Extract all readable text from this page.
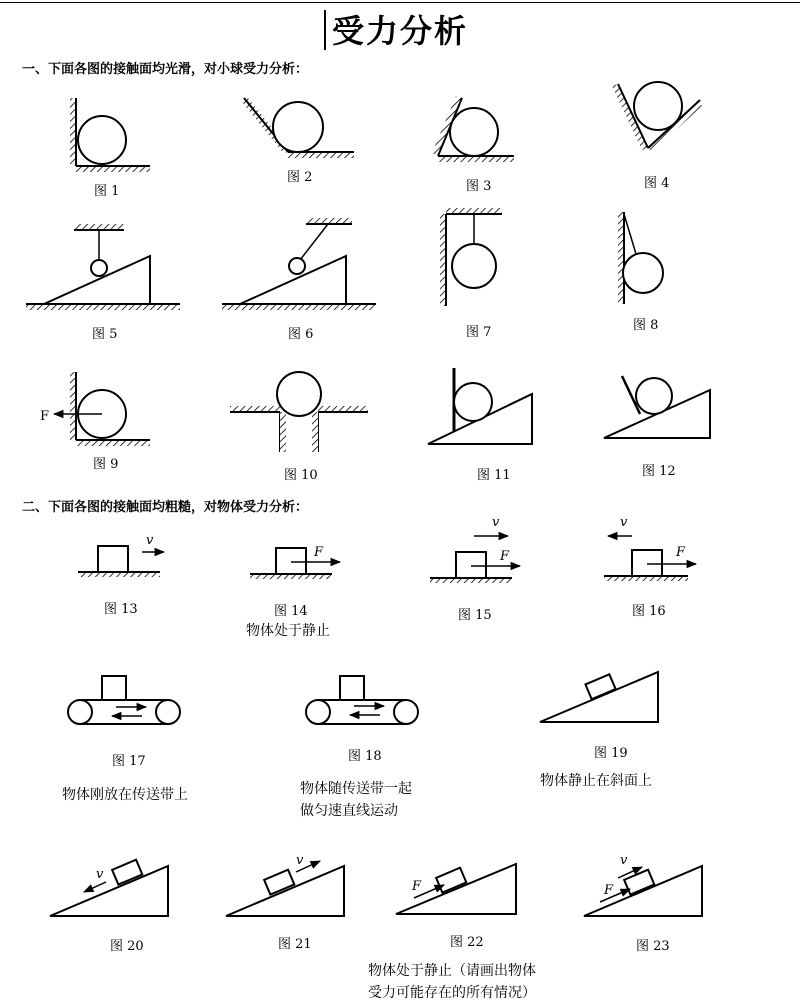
受力分析
一、下面各图的接触面均光滑，对小球受力分析：
二、下面各图的接触面均粗糙，对物体受力分析：
F
v
F
v
F
v
F
v
v
F
v
F
图 1
图 2
图 3	图 4
图 5	图 6	图 7	图 8
图 9
图 10	图 11	图 12
图 13	图 14	图 15	图 16
图 17	图 18	图 19
图 20	图 21	图 22	图 23
物体处于静止
物体刚放在传送带上	物体随传送带一起
做匀速直线运动
物体静止在斜面上
物体处于静止（请画出物体
受力可能存在的所有情况）
